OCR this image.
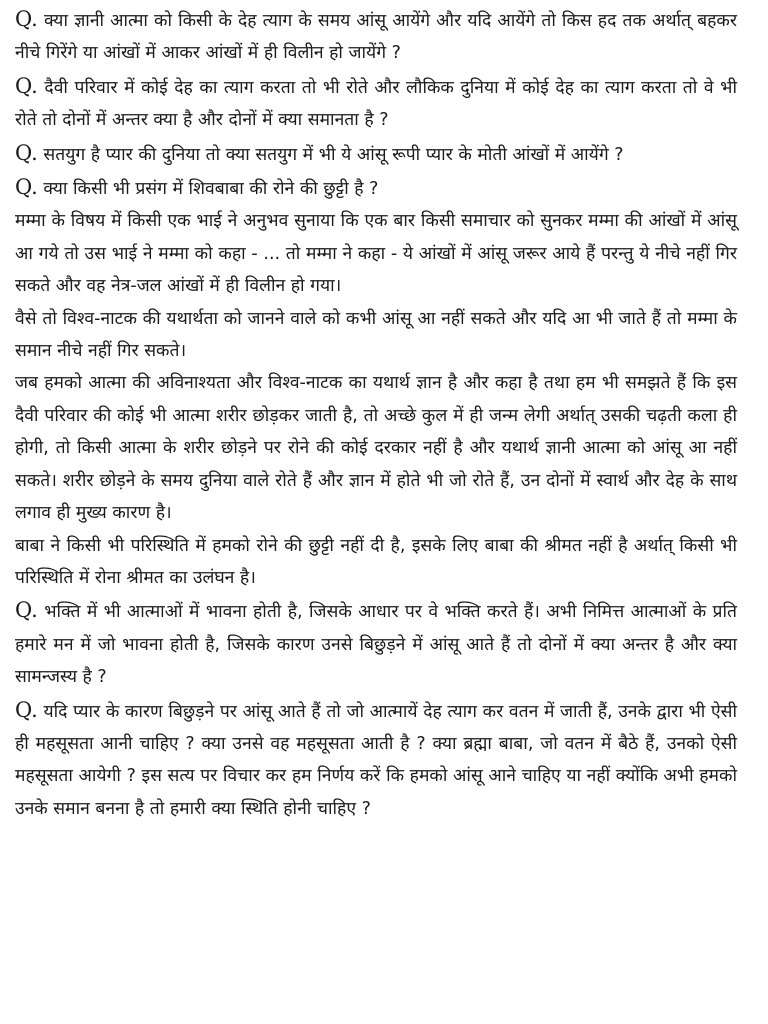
Q. क्या ज्ञानी आत्मा को किसी के देह त्याग के समय आंसू आयेंगे और यदि आयेंगे तो किस हद तक अर्थात् बहकर नीचे गिरेंगे या आंखों में आकर आंखों में ही विलीन हो जायेंगे ?

Q. दैवी परिवार में कोई देह का त्याग करता तो भी रोते और लौकिक दुनिया में कोई देह का त्याग करता तो वे भी रोते तो दोनों में अन्तर क्या है और दोनों में क्या समानता है ?

Q. सतयुग है प्यार की दुनिया तो क्या सतयुग में भी ये आंसू रूपी प्यार के मोती आंखों में आयेंगे ?

Q. क्या किसी भी प्रसंग में शिवबाबा की रोने की छुट्टी है ?

मम्मा के विषय में किसी एक भाई ने अनुभव सुनाया कि एक बार किसी समाचार को सुनकर मम्मा की आंखों में आंसू आ गये तो उस भाई ने मम्मा को कहा - ... तो मम्मा ने कहा - ये आंखों में आंसू जरूर आये हैं परन्तु ये नीचे नहीं गिर सकते और वह नेत्र-जल आंखों में ही विलीन हो गया।

वैसे तो विश्व-नाटक की यथार्थता को जानने वाले को कभी आंसू आ नहीं सकते और यदि आ भी जाते हैं तो मम्मा के समान नीचे नहीं गिर सकते।

जब हमको आत्मा की अविनाश्यता और विश्व-नाटक का यथार्थ ज्ञान है और कहा है तथा हम भी समझते हैं कि इस दैवी परिवार की कोई भी आत्मा शरीर छोड़कर जाती है, तो अच्छे कुल में ही जन्म लेगी अर्थात् उसकी चढ़ती कला ही होगी, तो किसी आत्मा के शरीर छोड़ने पर रोने की कोई दरकार नहीं है और यथार्थ ज्ञानी आत्मा को आंसू आ नहीं सकते। शरीर छोड़ने के समय दुनिया वाले रोते हैं और ज्ञान में होते भी जो रोते हैं, उन दोनों में स्वार्थ और देह के साथ लगाव ही मुख्य कारण है।

बाबा ने किसी भी परिस्थिति में हमको रोने की छुट्टी नहीं दी है, इसके लिए बाबा की श्रीमत नहीं है अर्थात् किसी भी परिस्थिति में रोना श्रीमत का उलंघन है।

Q. भक्ति में भी आत्माओं में भावना होती है, जिसके आधार पर वे भक्ति करते हैं। अभी निमित्त आत्माओं के प्रति हमारे मन में जो भावना होती है, जिसके कारण उनसे बिछुड़ने में आंसू आते हैं तो दोनों में क्या अन्तर है और क्या सामन्जस्य है ?

Q. यदि प्यार के कारण बिछुड़ने पर आंसू आते हैं तो जो आत्मायें देह त्याग कर वतन में जाती हैं, उनके द्वारा भी ऐसी ही महसूसता आनी चाहिए ? क्या उनसे वह महसूसता आती है ? क्या ब्रह्मा बाबा, जो वतन में बैठे हैं, उनको ऐसी महसूसता आयेगी ? इस सत्य पर विचार कर हम निर्णय करें कि हमको आंसू आने चाहिए या नहीं क्योंकि अभी हमको उनके समान बनना है तो हमारी क्या स्थिति होनी चाहिए ?
